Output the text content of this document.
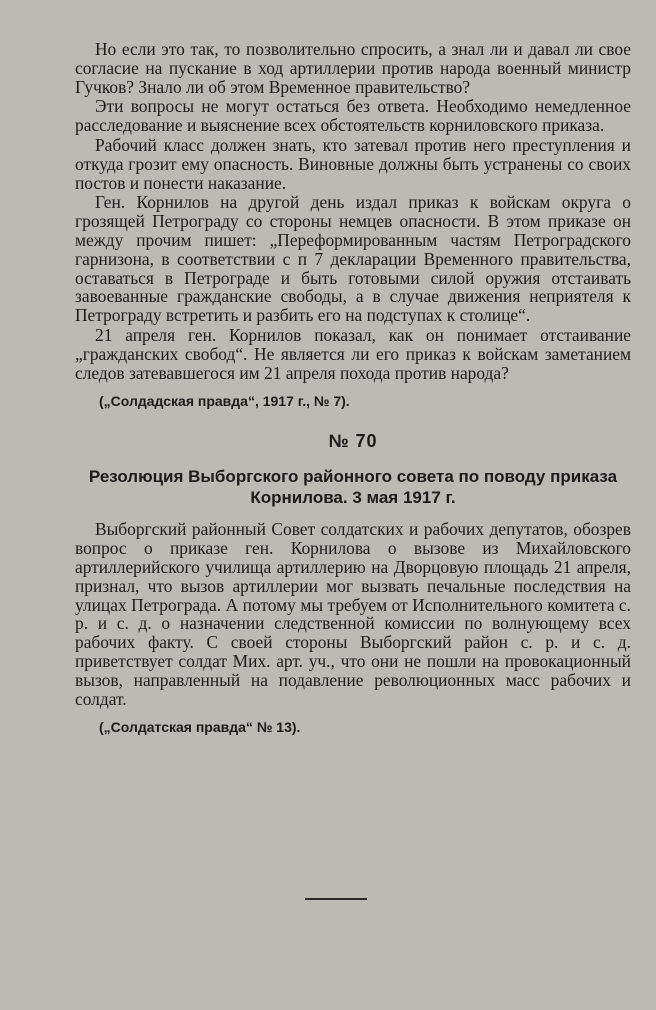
Но если это так, то позволительно спросить, а знал ли и давал ли свое согласие на пускание в ход артиллерии против народа военный министр Гучков? Знало ли об этом Временное правительство?

Эти вопросы не могут остаться без ответа. Необходимо немедленное расследование и выяснение всех обстоятельств корниловского приказа.

Рабочий класс должен знать, кто затевал против него преступления и откуда грозит ему опасность. Виновные должны быть устранены со своих постов и понести наказание.

Ген. Корнилов на другой день издал приказ к войскам округа о грозящей Петрограду со стороны немцев опасности. В этом приказе он между прочим пишет: „Переформированным частям Петроградского гарнизона, в соответствии с п 7 декларации Временного правительства, оставаться в Петрограде и быть готовыми силой оружия отстаивать завоеванные гражданские свободы, а в случае движения неприятеля к Петрограду встретить и разбить его на подступах к столице“.

21 апреля ген. Корнилов показал, как он понимает отстаивание „гражданских свобод“. Не является ли его приказ к войскам заметанием следов затевавшегося им 21 апреля похода против народа?

(„Солдадская правда“, 1917 г., № 7).
№ 70
Резолюция Выборгского районного совета по поводу приказа Корнилова. 3 мая 1917 г.

Выборгский районный Совет солдатских и рабочих депутатов, обозрев вопрос о приказе ген. Корнилова о вызове из Михайловского артиллерийского училища артиллерию на Дворцовую площадь 21 апреля, признал, что вызов артиллерии мог вызвать печальные последствия на улицах Петрограда. А потому мы требуем от Исполнительного комитета с. р. и с. д. о назначении следственной комиссии по волнующему всех рабочих факту. С своей стороны Выборгский район с. р. и с. д. приветствует солдат Мих. арт. уч., что они не пошли на провокационный вызов, направленный на подавление революционных масс рабочих и солдат.

(„Солдатская правда“ № 13).
